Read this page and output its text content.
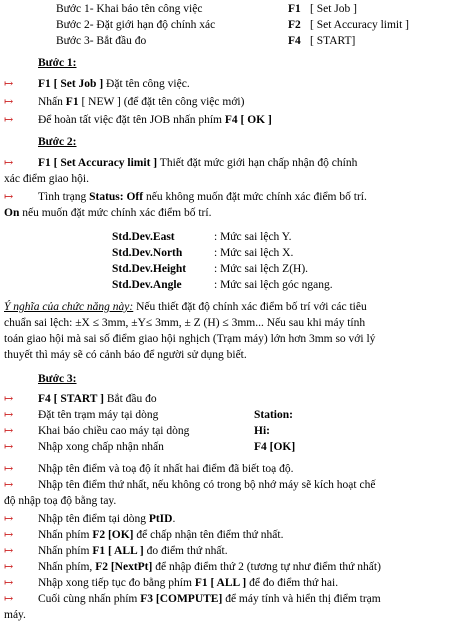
Bước 1- Khai báo tên công việc	F1 [ Set Job ]
Bước 2- Đặt giới hạn độ chính xác	F2 [ Set Accuracy limit ]
Bước 3- Bắt đầu đo	F4 [ START]
Bước 1:
↦ F1 [ Set Job ] Đặt tên công việc.
↦ Nhấn F1 [ NEW ] (để đặt tên công việc mới)
↦ Để hoàn tất việc đặt tên JOB nhấn phím F4 [ OK ]
Bước 2:
↦ F1 [ Set Accuracy limit ] Thiết đặt mức giới hạn chấp nhận độ chính
xác điểm giao hội.
↦ Tình trạng Status: Off nếu không muốn đặt mức chính xác điểm bố trí.
On nếu muốn đặt mức chính xác điểm bố trí.
Std.Dev.East	: Mức sai lệch Y.
Std.Dev.North	: Mức sai lệch X.
Std.Dev.Height : Mức sai lệch Z(H).
Std.Dev.Angle	: Mức sai lệch góc ngang.
Ý nghĩa của chức năng này: Nếu thiết đặt độ chính xác điểm bố trí với các tiêu
chuẩn sai lệch: ±X ≤ 3mm, ±Y≤ 3mm, ± Z (H) ≤ 3mm... Nếu sau khi máy tính
toán giao hội mà sai số điểm giao hội nghịch (Trạm máy) lớn hơn 3mm so với lý
thuyết thì máy sẽ có cảnh báo để người sử dụng biết.
Bước 3:
↦ F4 [ START ] Bắt đầu đo
↦ Đặt tên trạm máy tại dòng	Station:
↦ Khai báo chiều cao máy tại dòng	Hi:
↦ Nhập xong chấp nhận nhấn	F4 [OK]
↦ Nhập tên điểm và toạ độ ít nhất hai điểm đã biết toạ độ.
↦ Nhập tên điểm thứ nhất, nếu không có trong bộ nhớ máy sẽ kích hoạt chế
độ nhập toạ độ bằng tay.
↦ Nhập tên điểm tại dòng PtID.
↦ Nhấn phím F2 [OK] để chấp nhận tên điểm thứ nhất.
↦ Nhấn phím F1 [ ALL ] đo điểm thứ nhất.
↦ Nhấn phím, F2 [NextPt] để nhập điểm thứ 2 (tương tự như điểm thứ nhất)
↦ Nhập xong tiếp tục đo bằng phím F1 [ ALL ] để đo điểm thứ hai.
↦ Cuối cùng nhấn phím F3 [COMPUTE] để máy tính và hiển thị điểm trạm
máy.
